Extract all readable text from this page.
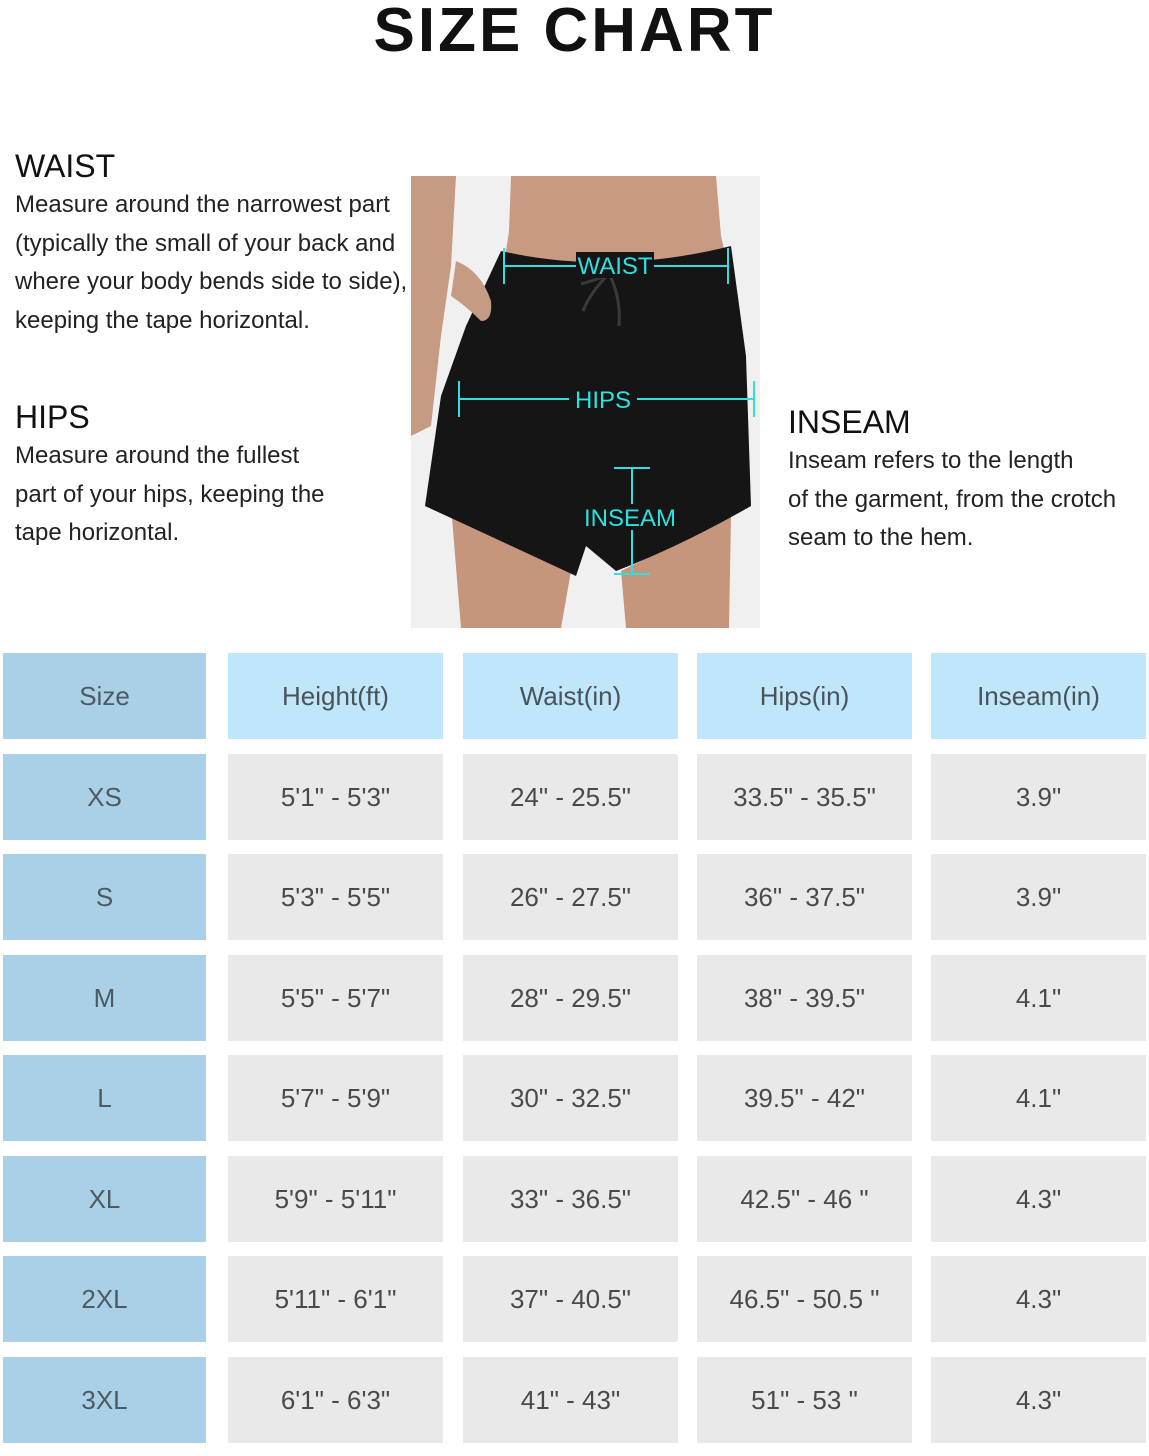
SIZE CHART
WAIST
Measure around the narrowest part
(typically the small of your back and
where your body bends side to side),
keeping the tape horizontal.
HIPS
Measure around the fullest
part of your hips, keeping the
tape horizontal.
INSEAM
Inseam refers to the length
of the garment, from the crotch
seam to the hem.
WAIST
HIPS
INSEAM
Size	Height(ft)	Waist(in)	Hips(in)	Inseam(in)
XS	5'1" - 5'3"	24" - 25.5"	33.5" - 35.5"	3.9"
S	5'3" - 5'5"	26" - 27.5"	36" - 37.5"	3.9"
M	5'5" - 5'7"	28" - 29.5"	38" - 39.5"	4.1"
L	5'7" - 5'9"	30" - 32.5"	39.5" - 42"	4.1"
XL	5'9" - 5'11"	33" - 36.5"	42.5" - 46 "	4.3"
2XL	5'11" - 6'1"	37" - 40.5"	46.5" - 50.5 "	4.3"
3XL	6'1" - 6'3"	41" - 43"	51" - 53 "	4.3"
